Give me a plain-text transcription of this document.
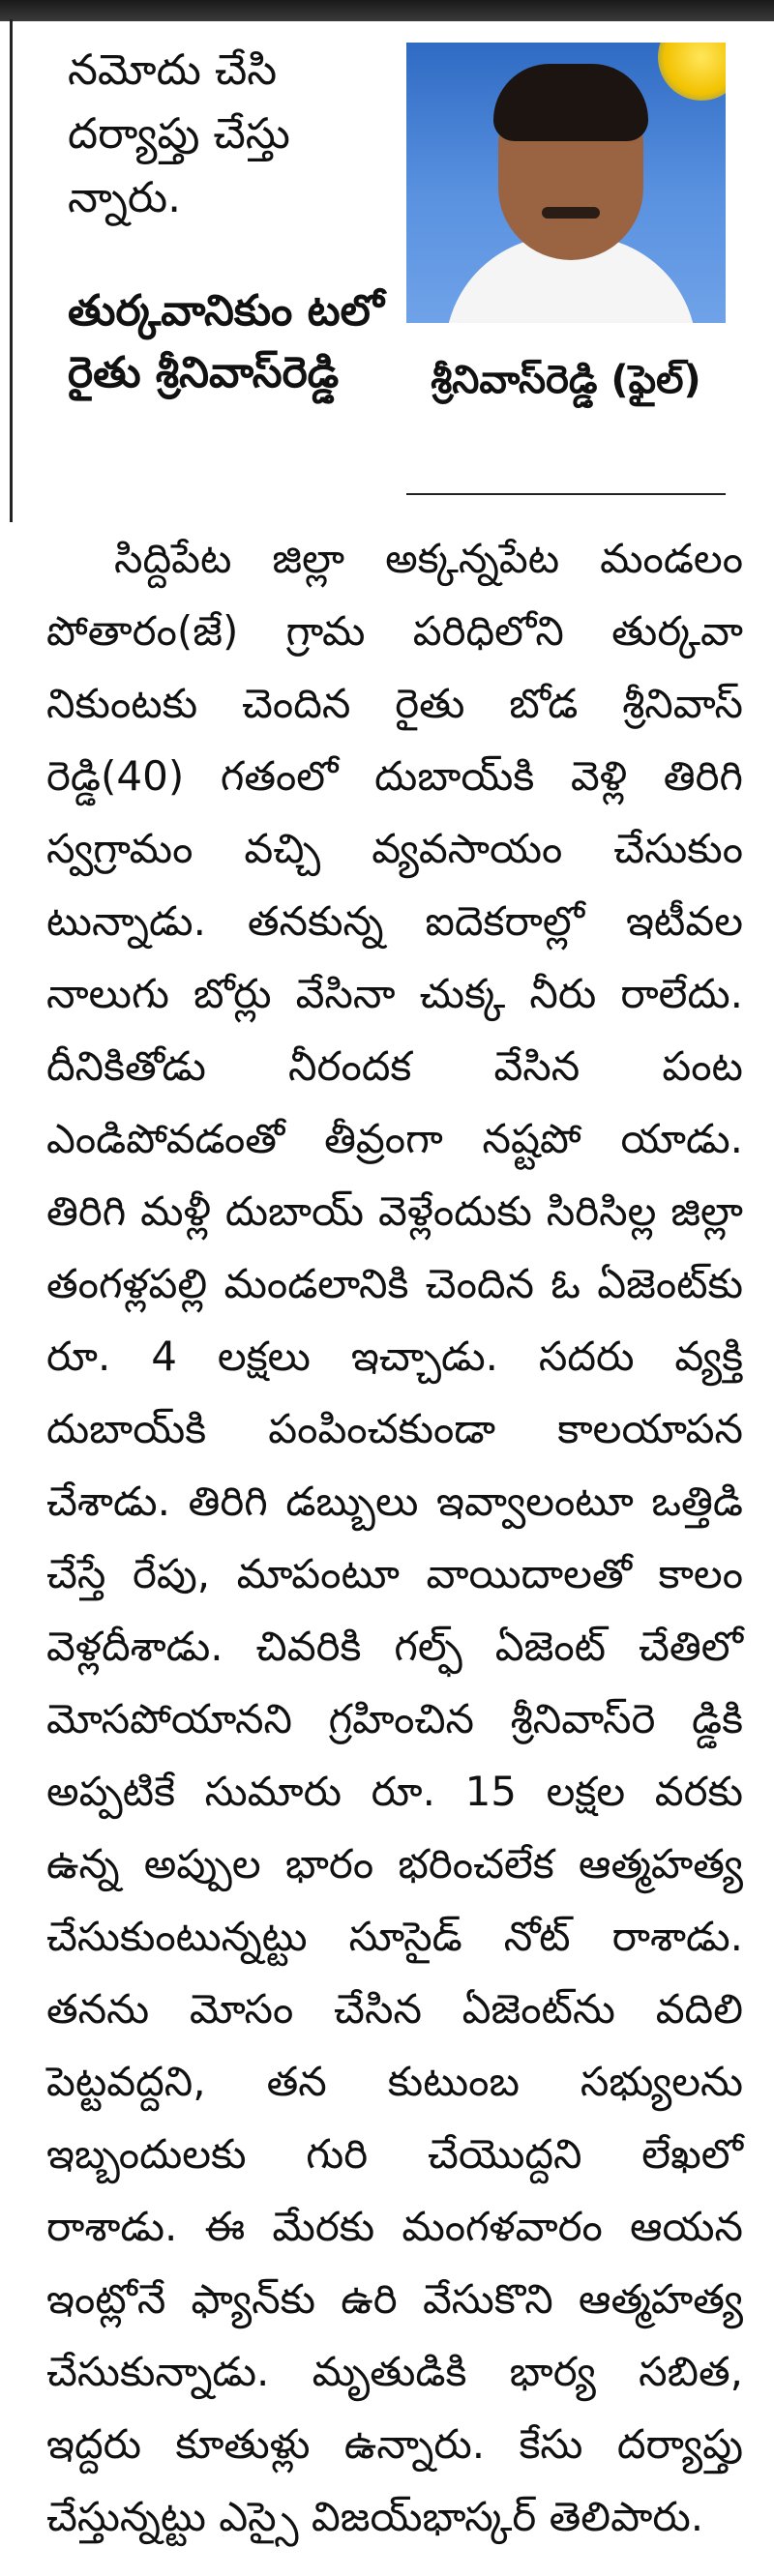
నమోదు చేసి దర్యాప్తు చేస్తు న్నారు.

తుర్కవానికుం టలో రైతు శ్రీనివాస్‌రెడ్డి	శ్రీనివాస్‌రెడ్డి (ఫైల్‌)

సిద్దిపేట జిల్లా అక్కన్నపేట మండలం పోతారం(జే) గ్రామ పరిధిలోని తుర్కవా నికుంటకు చెందిన రైతు బోడ శ్రీనివాస్‌ రెడ్డి(40) గతంలో దుబాయ్‌కి వెళ్లి తిరిగి స్వగ్రామం వచ్చి వ్యవసాయం చేసుకుం టున్నాడు. తనకున్న ఐదెకరాల్లో ఇటీవల నాలుగు బోర్లు వేసినా చుక్క నీరు రాలేదు. దీనికితోడు నీరందక వేసిన పంట ఎండిపోవడంతో తీవ్రంగా నష్టపో యాడు. తిరిగి మళ్లీ దుబాయ్‌ వెళ్లేందుకు సిరిసిల్ల జిల్లా తంగళ్లపల్లి మండలానికి చెందిన ఓ ఏజెంట్‌కు రూ. 4 లక్షలు ఇచ్చాడు. సదరు వ్యక్తి దుబాయ్‌కి పంపించకుండా కాలయాపన చేశాడు. తిరిగి డబ్బులు ఇవ్వాలంటూ ఒత్తిడి చేస్తే రేపు, మాపంటూ వాయిదాలతో కాలం వెళ్లదీశాడు. చివరికి గల్ఫ్‌ ఏజెంట్‌ చేతిలో మోసపోయానని గ్రహించిన శ్రీనివాస్‌రె డ్డికి అప్పటికే సుమారు రూ. 15 లక్షల వరకు ఉన్న అప్పుల భారం భరించలేక ఆత్మహత్య చేసుకుంటున్నట్టు సూసైడ్‌ నోట్‌ రాశాడు. తనను మోసం చేసిన ఏజెంట్‌ను వదిలి పెట్టవద్దని, తన కుటుంబ సభ్యులను ఇబ్బందులకు గురి చేయొద్దని లేఖలో రాశాడు. ఈ మేరకు మంగళవారం ఆయన ఇంట్లోనే ఫ్యాన్‌కు ఉరి వేసుకొని ఆత్మహత్య చేసుకున్నాడు. మృతుడికి భార్య సబిత, ఇద్దరు కూతుళ్లు ఉన్నారు. కేసు దర్యాప్తు చేస్తున్నట్టు ఎస్సై విజయ్‌భాస్కర్‌ తెలిపారు.
